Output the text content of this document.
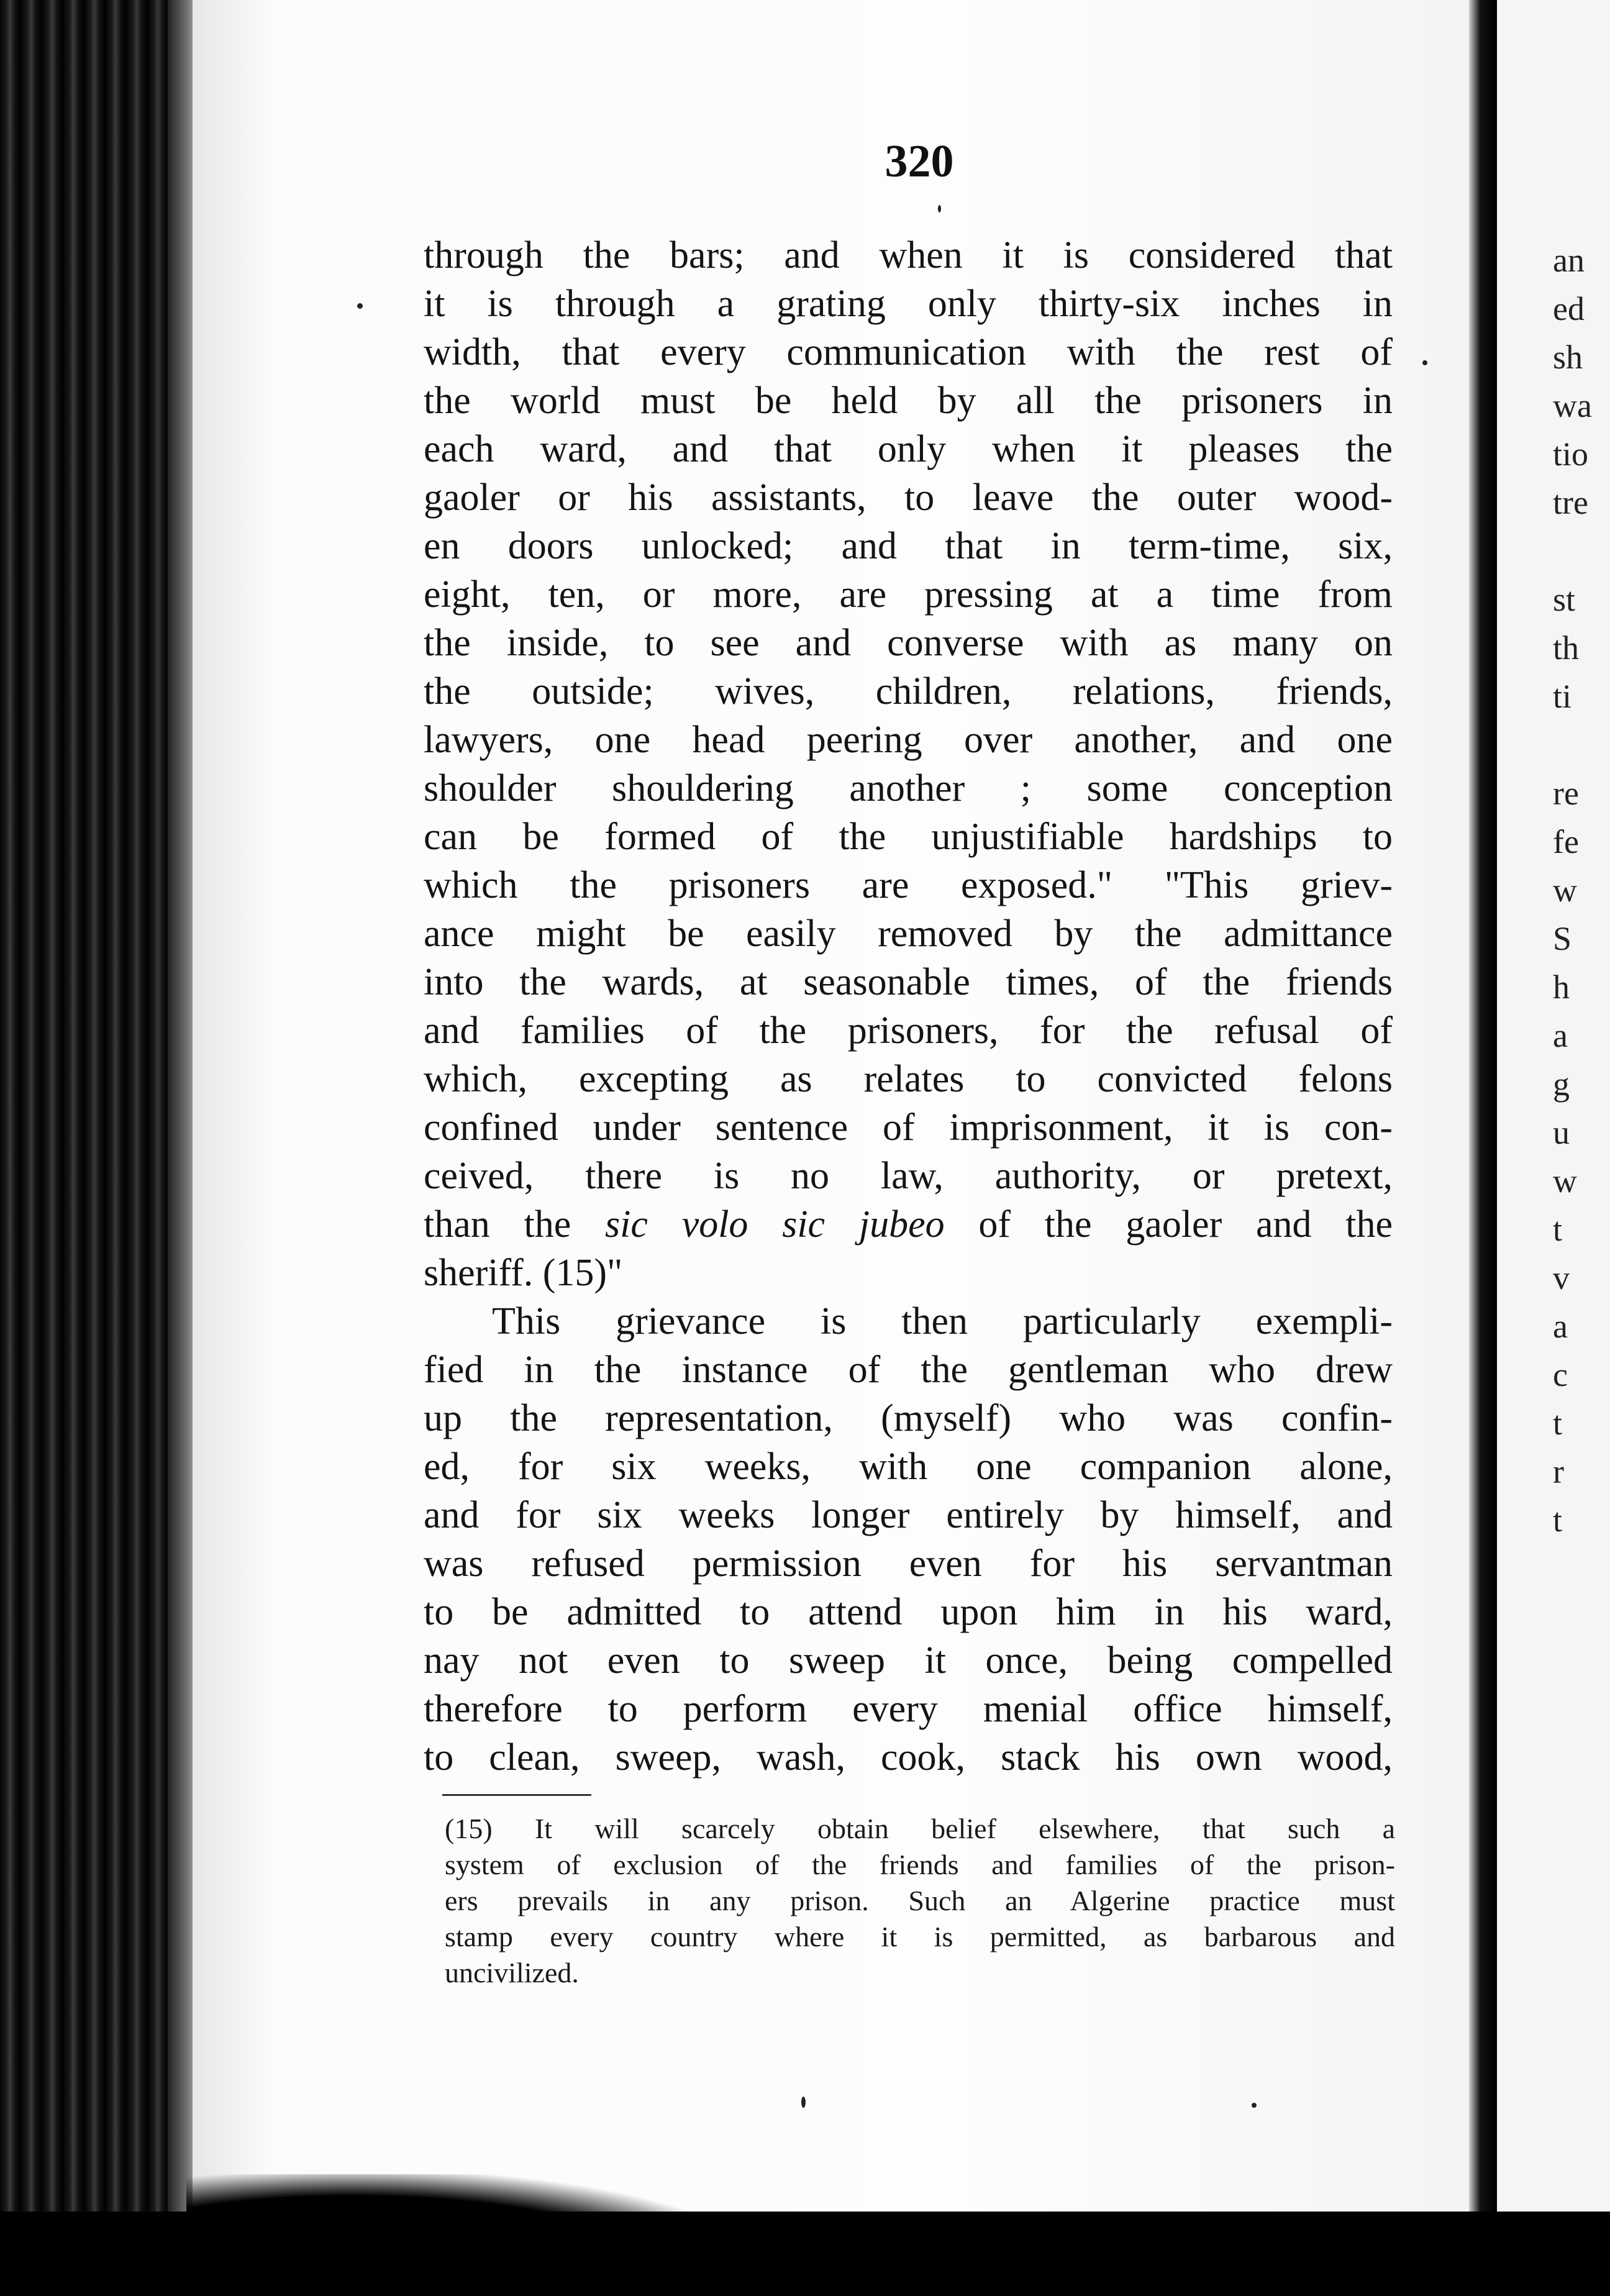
320
through the bars; and when it is considered that
it is through a grating only thirty-six inches in
width, that every communication with the rest of
the world must be held by all the prisoners in
each ward, and that only when it pleases the
gaoler or his assistants, to leave the outer wood-
en doors unlocked; and that in term-time, six,
eight, ten, or more, are pressing at a time from
the inside, to see and converse with as many on
the outside; wives, children, relations, friends,
lawyers, one head peering over another, and one
shoulder shouldering another ; some conception
can be formed of the unjustifiable hardships to
which the prisoners are exposed." "This griev-
ance might be easily removed by the admittance
into the wards, at seasonable times, of the friends
and families of the prisoners, for the refusal of
which, excepting as relates to convicted felons
confined under sentence of imprisonment, it is con-
ceived, there is no law, authority, or pretext,
than the sic volo sic jubeo of the gaoler and the
sheriff. (15)"
This grievance is then particularly exempli-
fied in the instance of the gentleman who drew
up the representation, (myself) who was confin-
ed, for six weeks, with one companion alone,
and for six weeks longer entirely by himself, and
was refused permission even for his servantman
to be admitted to attend upon him in his ward,
nay not even to sweep it once, being compelled
therefore to perform every menial office himself,
to clean, sweep, wash, cook, stack his own wood,
(15) It will scarcely obtain belief elsewhere, that such a
system of exclusion of the friends and families of the prison-
ers prevails in any prison. Such an Algerine practice must
stamp every country where it is permitted, as barbarous and
uncivilized.
an
ed
sh
wa
tio
tre
st
th
ti
re
fe
w
S
h
a
g
u
w
t
v
a
c
t
r
t
